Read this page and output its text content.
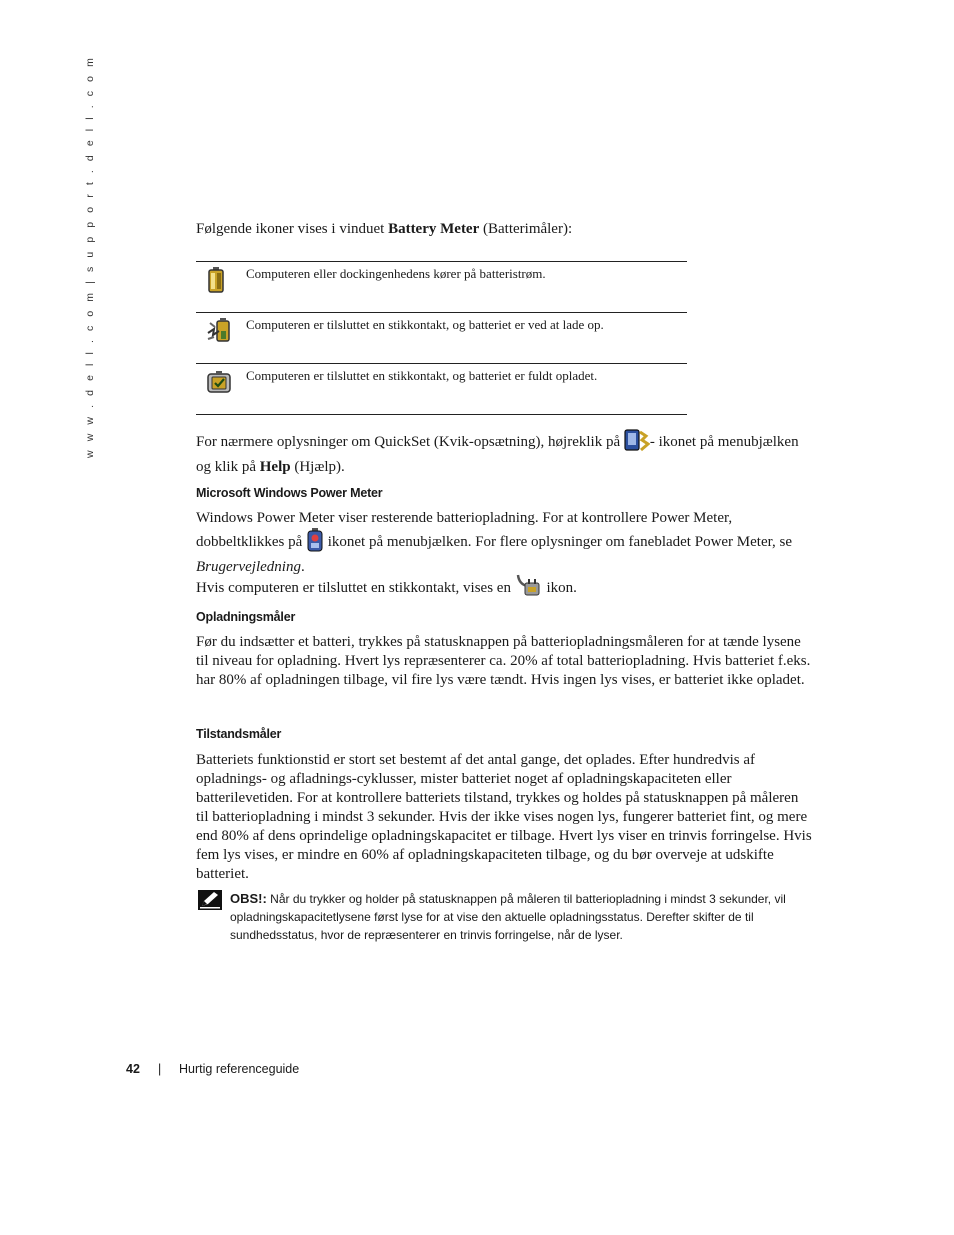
w w w . d e l l . c o m | s u p p o r t . d e l l . c o m	Følgende ikoner vises i vinduet Battery Meter (Batterimåler):

	Computeren eller dockingenhedens kører på batteristrøm.
	Computeren er tilsluttet en stikkontakt, og batteriet er ved at lade op.
	Computeren er tilsluttet en stikkontakt, og batteriet er fuldt opladet.

For nærmere oplysninger om QuickSet (Kvik-opsætning), højreklik på - ikonet på menubjælken og klik på Help (Hjælp).

Microsoft Windows Power Meter

Windows Power Meter viser resterende batteriopladning. For at kontrollere Power Meter, dobbeltklikkes på  ikonet på menubjælken. For flere oplysninger om fanebladet Power Meter, se Brugervejledning.

Hvis computeren er tilsluttet en stikkontakt, vises en  ikon.

Opladningsmåler

Før du indsætter et batteri, trykkes på statusknappen på batteriopladningsmåleren for at tænde lysene til niveau for opladning. Hvert lys repræsenterer ca. 20% af total batteriopladning. Hvis batteriet f.eks. har 80% af opladningen tilbage, vil fire lys være tændt. Hvis ingen lys vises, er batteriet ikke opladet.

Tilstandsmåler

Batteriets funktionstid er stort set bestemt af det antal gange, det oplades. Efter hundredvis af opladnings- og afladnings-cyklusser, mister batteriet noget af opladningskapaciteten eller batterilevetiden. For at kontrollere batteriets tilstand, trykkes og holdes på statusknappen på måleren til batteriopladning i mindst 3 sekunder. Hvis der ikke vises nogen lys, fungerer batteriet fint, og mere end 80% af dens oprindelige opladningskapacitet er tilbage. Hvert lys viser en trinvis forringelse. Hvis fem lys vises, er mindre en 60% af opladningskapaciteten tilbage, og du bør overveje at udskifte batteriet.

OBS!: Når du trykker og holder på statusknappen på måleren til batteriopladning i mindst 3 sekunder, vil opladningskapacitetlysene først lyse for at vise den aktuelle opladningsstatus. Derefter skifter de til sundhedsstatus, hvor de repræsenterer en trinvis forringelse, når de lyser.
42 | Hurtig referenceguide
